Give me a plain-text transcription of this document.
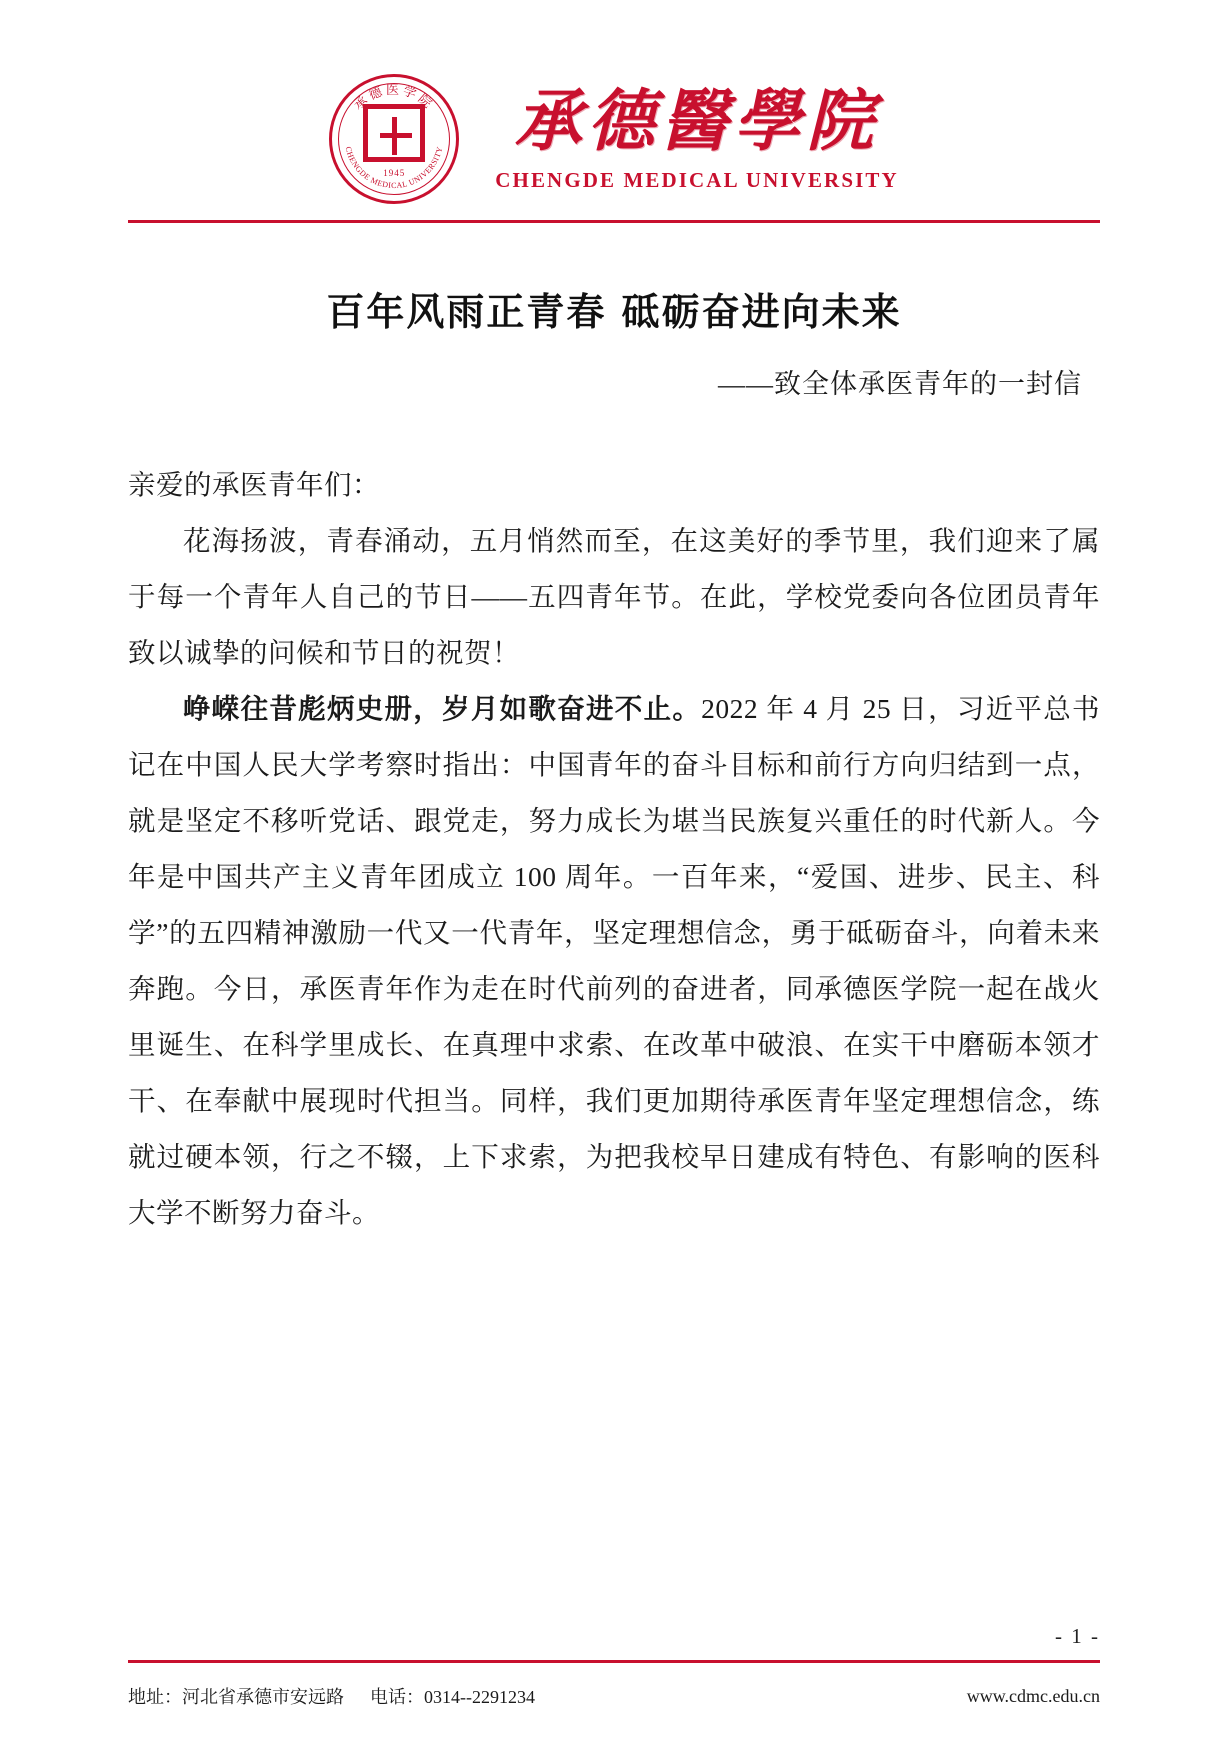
承德医学院
CHENGDE MEDICAL UNIVERSITY
1945
承德醫學院
CHENGDE MEDICAL UNIVERSITY
百年风雨正青春 砥砺奋进向未来
——致全体承医青年的一封信

亲爱的承医青年们：

花海扬波，青春涌动，五月悄然而至，在这美好的季节里，我们迎来了属于每一个青年人自己的节日——五四青年节。在此，学校党委向各位团员青年致以诚挚的问候和节日的祝贺！

峥嵘往昔彪炳史册，岁月如歌奋进不止。2022 年 4 月 25 日，习近平总书记在中国人民大学考察时指出：中国青年的奋斗目标和前行方向归结到一点，就是坚定不移听党话、跟党走，努力成长为堪当民族复兴重任的时代新人。今年是中国共产主义青年团成立 100 周年。一百年来，“爱国、进步、民主、科学”的五四精神激励一代又一代青年，坚定理想信念，勇于砥砺奋斗，向着未来奔跑。今日，承医青年作为走在时代前列的奋进者，同承德医学院一起在战火里诞生、在科学里成长、在真理中求索、在改革中破浪、在实干中磨砺本领才干、在奉献中展现时代担当。同样，我们更加期待承医青年坚定理想信念，练就过硬本领，行之不辍，上下求索，为把我校早日建成有特色、有影响的医科大学不断努力奋斗。

- 1 -
地址：河北省承德市安远路 电话：0314--2291234	www.cdmc.edu.cn
